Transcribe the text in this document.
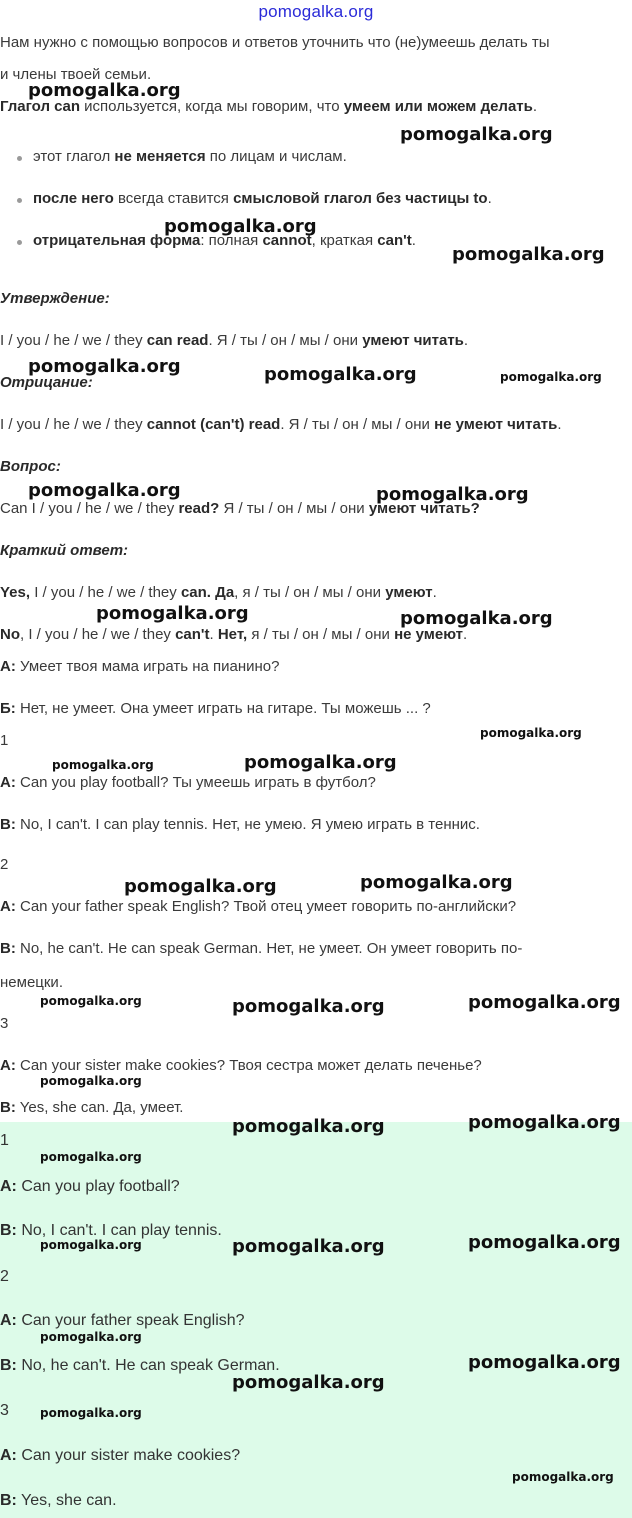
pomogalka.org
Нам нужно с помощью вопросов и ответов уточнить что (не)умеешь делать ты
и члены твоей семьи.
Глагол can используется, когда мы говорим, что умеем или можем делать.
этот глагол не меняется по лицам и числам.
после него всегда ставится смысловой глагол без частицы to.
отрицательная форма: полная cannot, краткая can't.
Утверждение:
I / you / he / we / they can read. Я / ты / он / мы / они умеют читать.
Отрицание:
I / you / he / we / they cannot (can't) read. Я / ты / он / мы / они не умеют читать.
Вопрос:
Can I / you / he / we / they read? Я / ты / он / мы / они умеют читать?
Краткий ответ:
Yes, I / you / he / we / they can. Да, я / ты / он / мы / они умеют.
No, I / you / he / we / they can't. Нет, я / ты / он / мы / они не умеют.
А: Умеет твоя мама играть на пианино?
Б: Нет, не умеет. Она умеет играть на гитаре. Ты можешь ... ?
1
A: Can you play football? Ты умеешь играть в футбол?
B: No, I can't. I can play tennis. Нет, не умею. Я умею играть в теннис.
2
A: Can your father speak English? Твой отец умеет говорить по-английски?
B: No, he can't. He can speak German. Нет, не умеет. Он умеет говорить по-
немецки.
3
A: Can your sister make cookies? Твоя сестра может делать печенье?
B: Yes, she can. Да, умеет.
1
A: Can you play football?
B: No, I can't. I can play tennis.
2
A: Can your father speak English?
B: No, he can't. He can speak German.
3
A: Can your sister make cookies?
B: Yes, she can.
pomogalka.org
pomogalka.org
pomogalka.org
pomogalka.org
pomogalka.org	pomogalka.org	pomogalka.org
pomogalka.org	pomogalka.org
pomogalka.org	pomogalka.org
pomogalka.org
pomogalka.org	pomogalka.org
pomogalka.org	pomogalka.org
pomogalka.org	pomogalka.org	pomogalka.org
pomogalka.org
pomogalka.org	pomogalka.org
pomogalka.org
pomogalka.org	pomogalka.org	pomogalka.org
pomogalka.org
pomogalka.org
pomogalka.org
pomogalka.org
pomogalka.org
